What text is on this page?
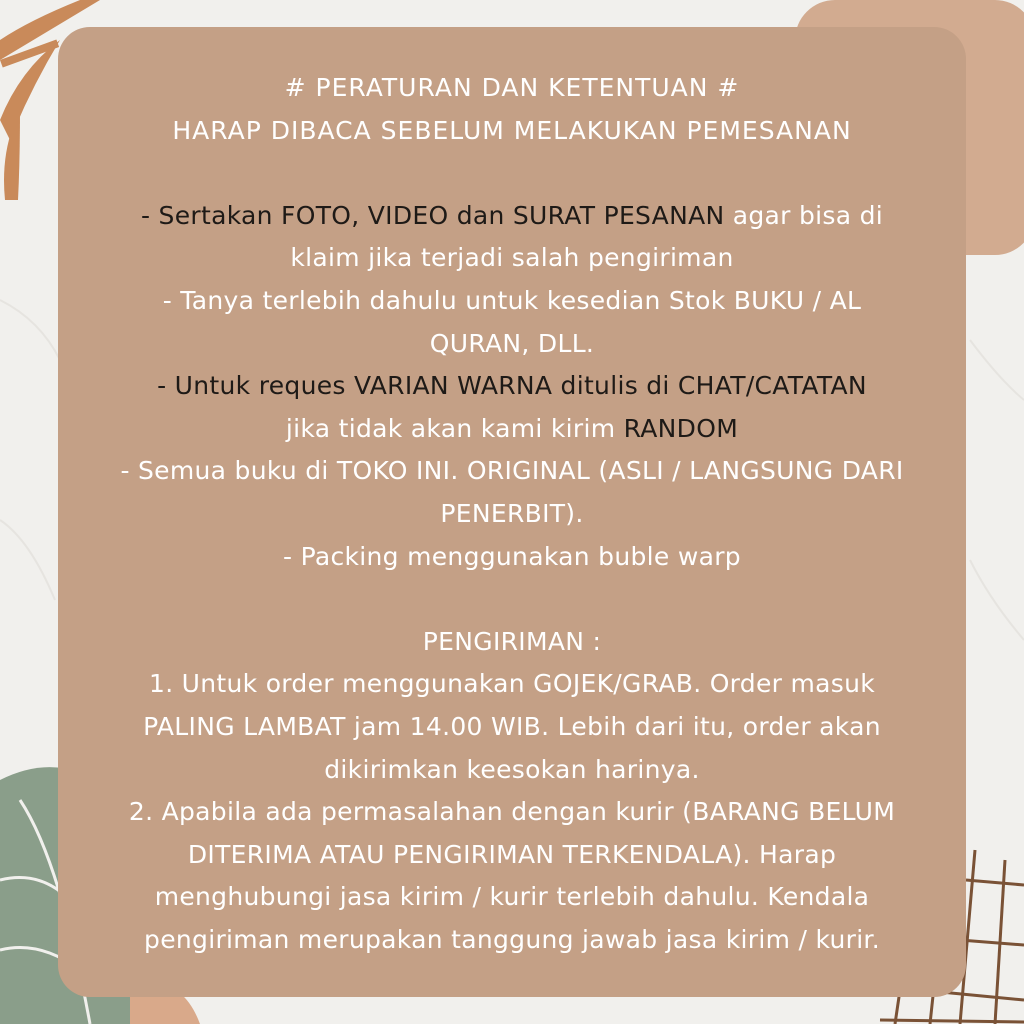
# PERATURAN DAN KETENTUAN #
HARAP DIBACA SEBELUM MELAKUKAN PEMESANAN
- Sertakan FOTO, VIDEO dan SURAT PESANAN agar bisa di
klaim jika terjadi salah pengiriman
- Tanya terlebih dahulu untuk kesedian Stok BUKU / AL
QURAN, DLL.
- Untuk reques VARIAN WARNA ditulis di CHAT/CATATAN
jika tidak akan kami kirim RANDOM
- Semua buku di TOKO INI. ORIGINAL (ASLI / LANGSUNG DARI
PENERBIT).
- Packing menggunakan buble warp
PENGIRIMAN :
1. Untuk order menggunakan GOJEK/GRAB. Order masuk
PALING LAMBAT jam 14.00 WIB. Lebih dari itu, order akan
dikirimkan keesokan harinya.
2. Apabila ada permasalahan dengan kurir (BARANG BELUM
DITERIMA ATAU PENGIRIMAN TERKENDALA). Harap
menghubungi jasa kirim / kurir terlebih dahulu. Kendala
pengiriman merupakan tanggung jawab jasa kirim / kurir.
